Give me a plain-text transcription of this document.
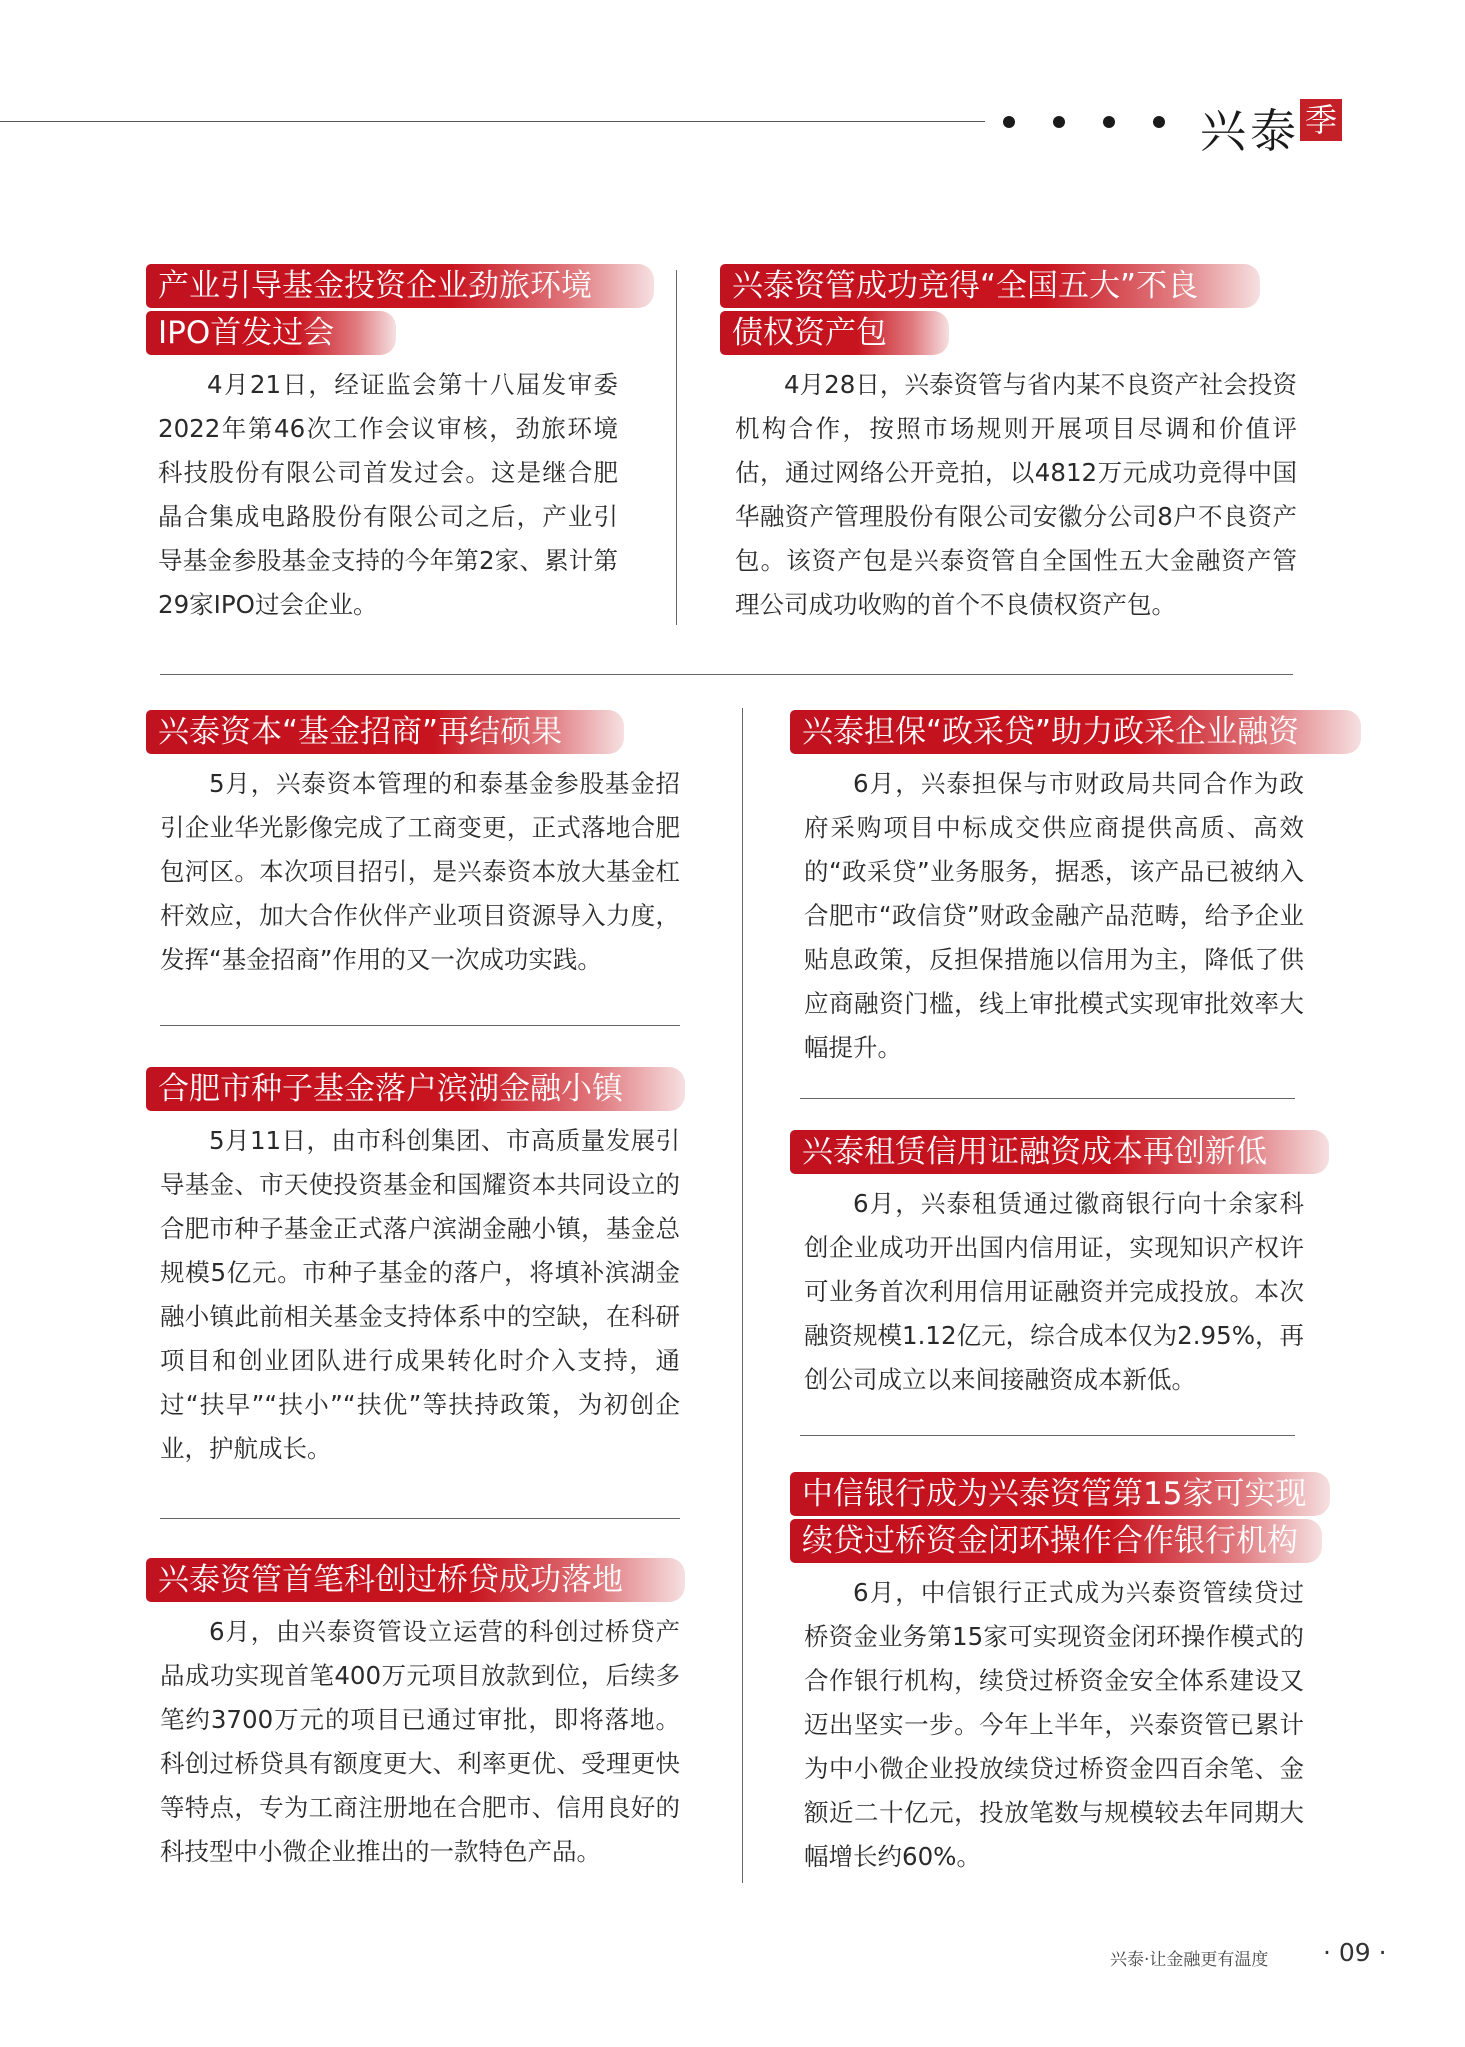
兴泰 季
产业引导基金投资企业劲旅环境
IPO首发过会

4月21日，经证监会第十八届发审委2022年第46次工作会议审核，劲旅环境科技股份有限公司首发过会。这是继合肥晶合集成电路股份有限公司之后，产业引导基金参股基金支持的今年第2家、累计第29家IPO过会企业。

兴泰资管成功竞得“全国五大”不良
债权资产包

4月28日，兴泰资管与省内某不良资产社会投资机构合作，按照市场规则开展项目尽调和价值评估，通过网络公开竞拍，以4812万元成功竞得中国华融资产管理股份有限公司安徽分公司8户不良资产包。该资产包是兴泰资管自全国性五大金融资产管理公司成功收购的首个不良债权资产包。

兴泰资本“基金招商”再结硕果

5月，兴泰资本管理的和泰基金参股基金招引企业华光影像完成了工商变更，正式落地合肥包河区。本次项目招引，是兴泰资本放大基金杠杆效应，加大合作伙伴产业项目资源导入力度，发挥“基金招商”作用的又一次成功实践。

合肥市种子基金落户滨湖金融小镇

5月11日，由市科创集团、市高质量发展引导基金、市天使投资基金和国耀资本共同设立的合肥市种子基金正式落户滨湖金融小镇，基金总规模5亿元。市种子基金的落户，将填补滨湖金融小镇此前相关基金支持体系中的空缺，在科研项目和创业团队进行成果转化时介入支持，通过“扶早”“扶小”“扶优”等扶持政策，为初创企业，护航成长。

兴泰资管首笔科创过桥贷成功落地

6月，由兴泰资管设立运营的科创过桥贷产品成功实现首笔400万元项目放款到位，后续多笔约3700万元的项目已通过审批，即将落地。科创过桥贷具有额度更大、利率更优、受理更快等特点，专为工商注册地在合肥市、信用良好的科技型中小微企业推出的一款特色产品。

兴泰担保“政采贷”助力政采企业融资

6月，兴泰担保与市财政局共同合作为政府采购项目中标成交供应商提供高质、高效的“政采贷”业务服务，据悉，该产品已被纳入合肥市“政信贷”财政金融产品范畴，给予企业贴息政策，反担保措施以信用为主，降低了供应商融资门槛，线上审批模式实现审批效率大幅提升。

兴泰租赁信用证融资成本再创新低

6月，兴泰租赁通过徽商银行向十余家科创企业成功开出国内信用证，实现知识产权许可业务首次利用信用证融资并完成投放。本次融资规模1.12亿元，综合成本仅为2.95%，再创公司成立以来间接融资成本新低。

中信银行成为兴泰资管第15家可实现
续贷过桥资金闭环操作合作银行机构

6月，中信银行正式成为兴泰资管续贷过桥资金业务第15家可实现资金闭环操作模式的合作银行机构，续贷过桥资金安全体系建设又迈出坚实一步。今年上半年，兴泰资管已累计为中小微企业投放续贷过桥资金四百余笔、金额近二十亿元，投放笔数与规模较去年同期大幅增长约60%。

兴泰·让金融更有温度 · 09 ·
